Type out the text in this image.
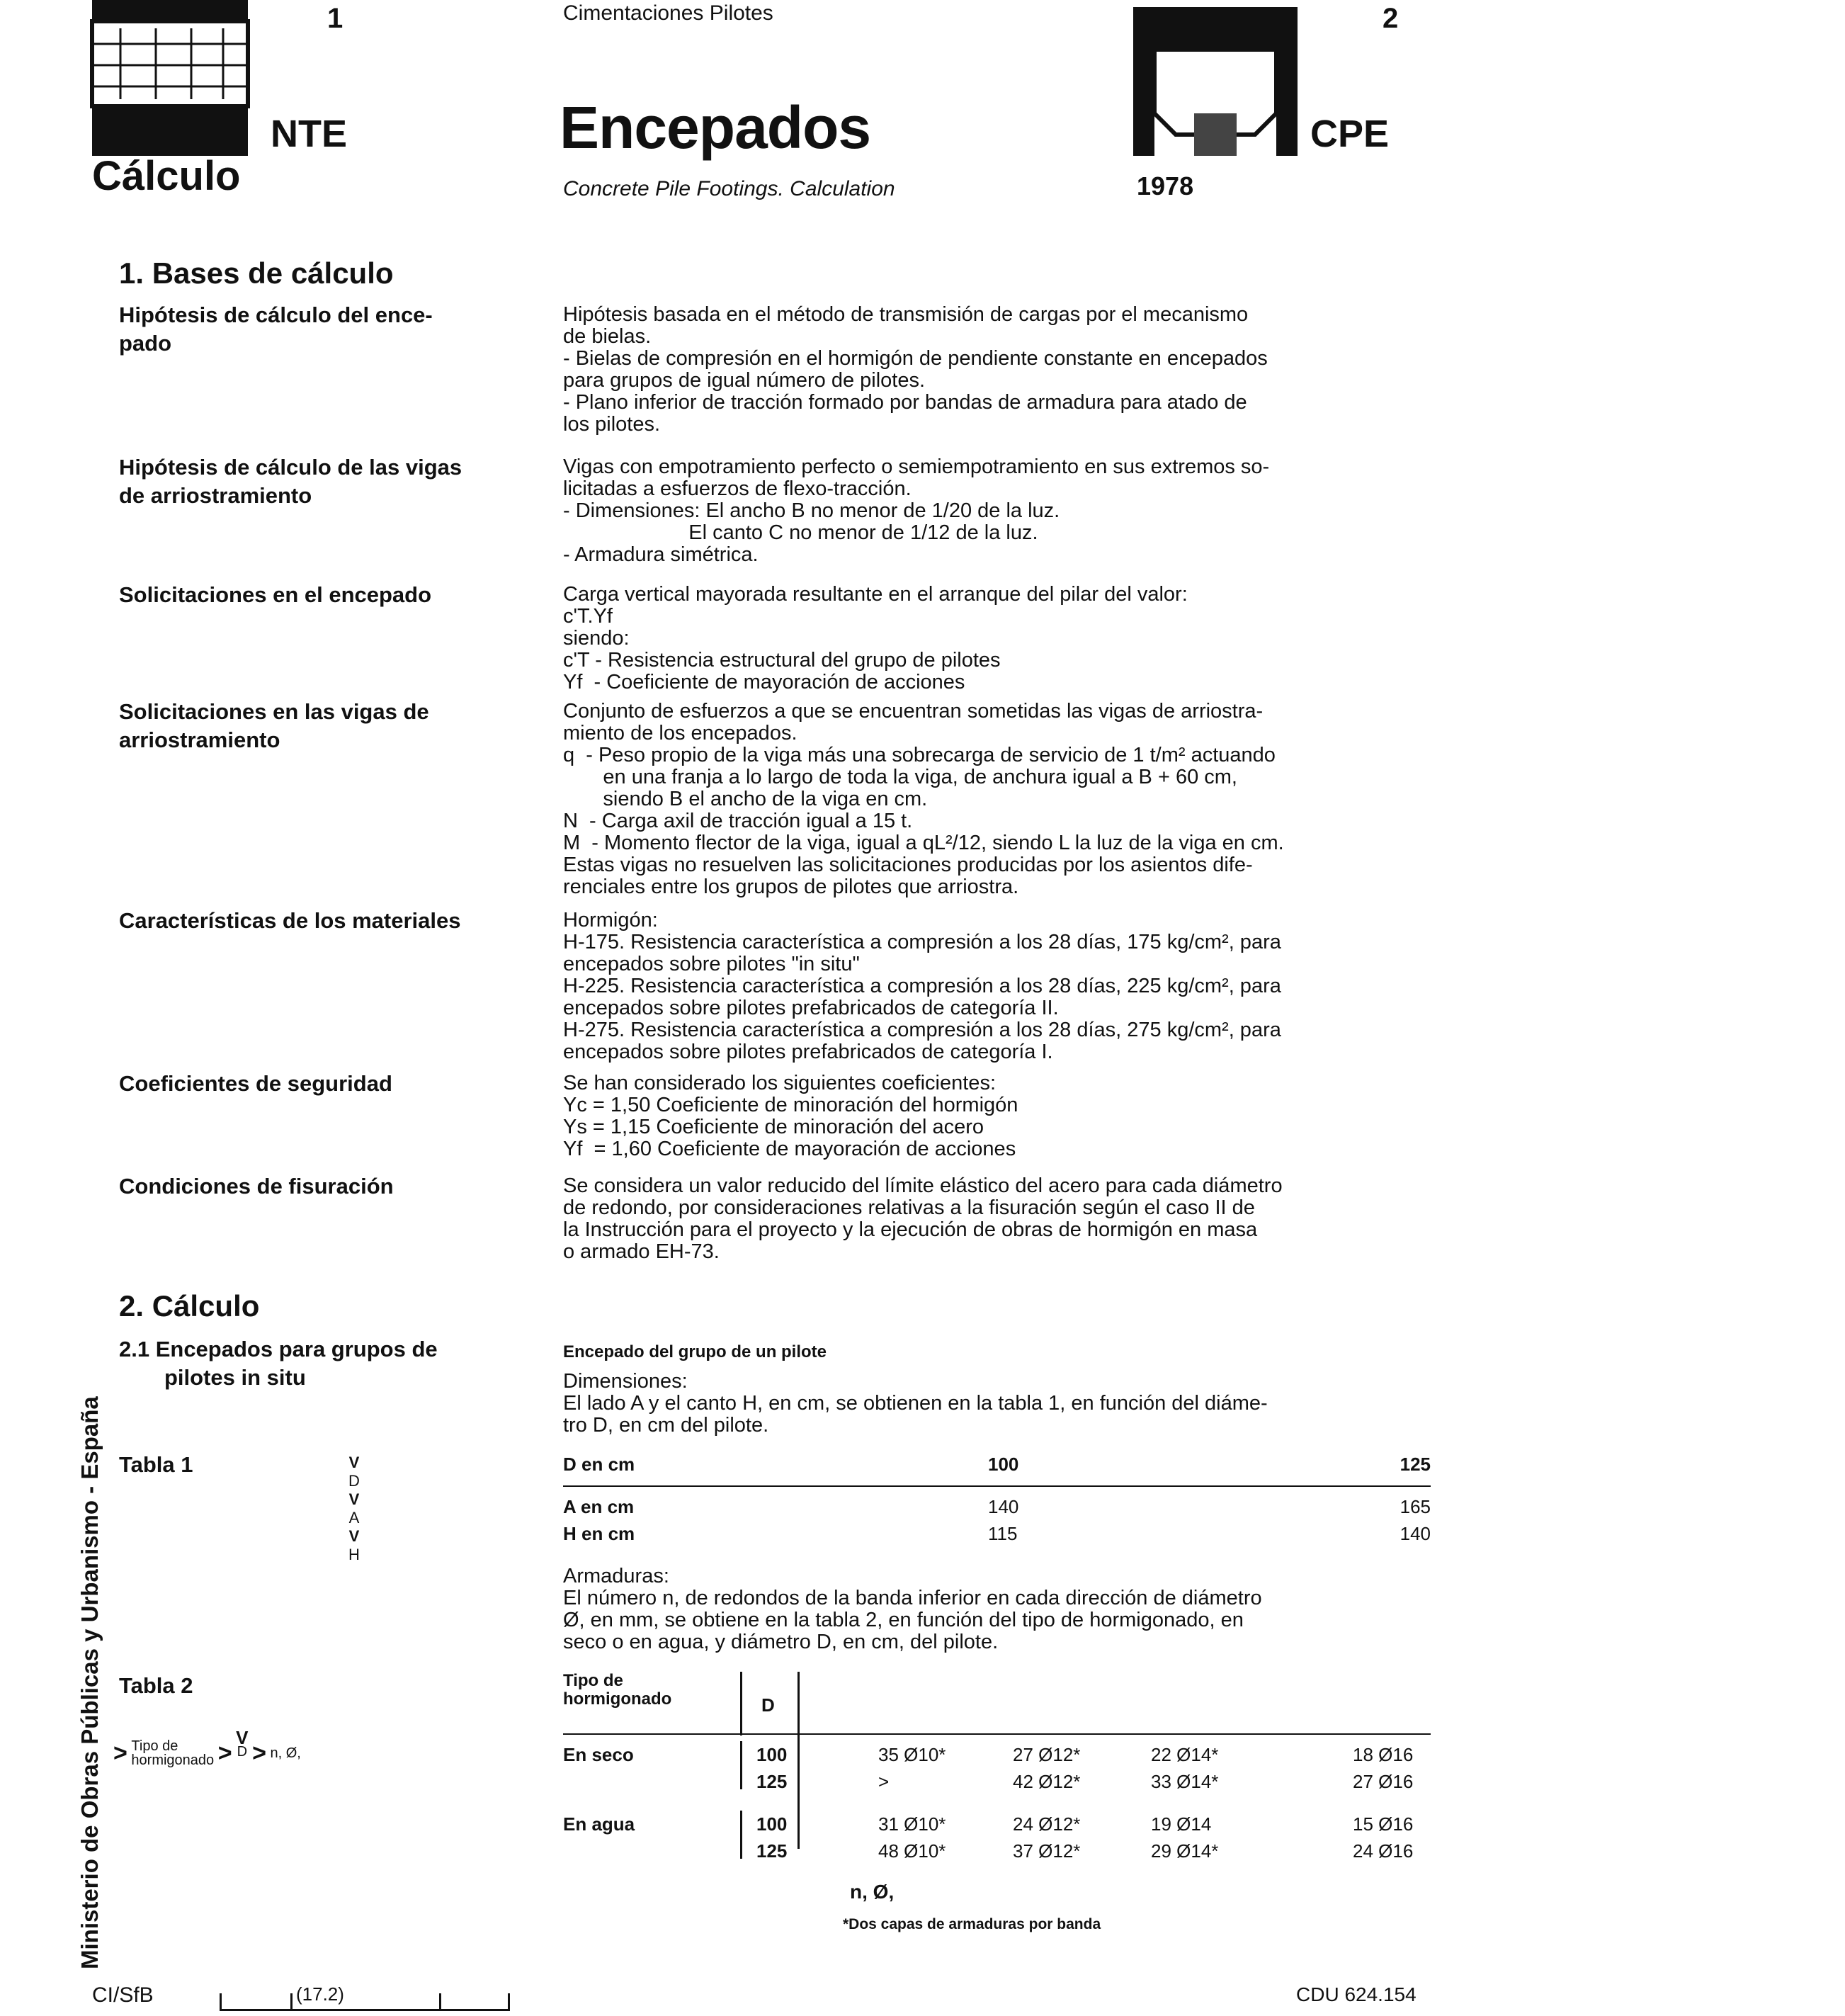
1
NTE
Cálculo
Cimentaciones Pilotes
Encepados
Concrete Pile Footings. Calculation
2
CPE
1978
1. Bases de cálculo
Hipótesis de cálculo del ence-
pado
Hipótesis basada en el método de transmisión de cargas por el mecanismo
de bielas.
- Bielas de compresión en el hormigón de pendiente constante en encepados
para grupos de igual número de pilotes.
- Plano inferior de tracción formado por bandas de armadura para atado de
los pilotes.
Hipótesis de cálculo de las vigas
de arriostramiento
Vigas con empotramiento perfecto o semiempotramiento en sus extremos so-
licitadas a esfuerzos de flexo-tracción.
- Dimensiones: El ancho B no menor de 1/20 de la luz.
El canto C no menor de 1/12 de la luz.
- Armadura simétrica.
Solicitaciones en el encepado	Carga vertical mayorada resultante en el arranque del pilar del valor:
c'T.Yf
siendo:
c'T - Resistencia estructural del grupo de pilotes
Yf  - Coeficiente de mayoración de acciones
Solicitaciones en las vigas de
arriostramiento
Conjunto de esfuerzos a que se encuentran sometidas las vigas de arriostra-
miento de los encepados.
q  - Peso propio de la viga más una sobrecarga de servicio de 1 t/m² actuando
en una franja a lo largo de toda la viga, de anchura igual a B + 60 cm,
siendo B el ancho de la viga en cm.
N  - Carga axil de tracción igual a 15 t.
M  - Momento flector de la viga, igual a qL²/12, siendo L la luz de la viga en cm.
Estas vigas no resuelven las solicitaciones producidas por los asientos dife-
renciales entre los grupos de pilotes que arriostra.
Características de los materiales	Hormigón:
H-175. Resistencia característica a compresión a los 28 días, 175 kg/cm², para
encepados sobre pilotes "in situ"
H-225. Resistencia característica a compresión a los 28 días, 225 kg/cm², para
encepados sobre pilotes prefabricados de categoría II.
H-275. Resistencia característica a compresión a los 28 días, 275 kg/cm², para
encepados sobre pilotes prefabricados de categoría I.
Coeficientes de seguridad	Se han considerado los siguientes coeficientes:
Yc = 1,50 Coeficiente de minoración del hormigón
Ys = 1,15 Coeficiente de minoración del acero
Yf  = 1,60 Coeficiente de mayoración de acciones
Condiciones de fisuración	Se considera un valor reducido del límite elástico del acero para cada diámetro
de redondo, por consideraciones relativas a la fisuración según el caso II de
la Instrucción para el proyecto y la ejecución de obras de hormigón en masa
o armado EH-73.
2. Cálculo
2.1 Encepados para grupos de
pilotes in situ
Encepado del grupo de un pilote
Dimensiones:
El lado A y el canto H, en cm, se obtienen en la tabla 1, en función del diáme-
tro D, en cm del pilote.
Tabla 1	V
D
V
A
V
H
D en cm	100	125
A en cm	140	165
H en cm	115	140
Armaduras:
El número n, de redondos de la banda inferior en cada dirección de diámetro
Ø, en mm, se obtiene en la tabla 2, en función del tipo de hormigonado, en
seco o en agua, y diámetro D, en cm, del pilote.
Tabla 2
> Tipo de
hormigonado >
V
D > n, Ø,
Tipo de
hormigonado	D
En seco	100	35 Ø10*	27 Ø12*	22 Ø14*	18 Ø16
125	>	42 Ø12*	33 Ø14*	27 Ø16
En agua	100	31 Ø10*	24 Ø12*	19 Ø14	15 Ø16
125	48 Ø10*	37 Ø12*	29 Ø14*	24 Ø16
n, Ø,
*Dos capas de armaduras por banda
Ministerio de Obras Públicas y Urbanismo - España
CI/SfB	(17.2)	CDU 624.154
